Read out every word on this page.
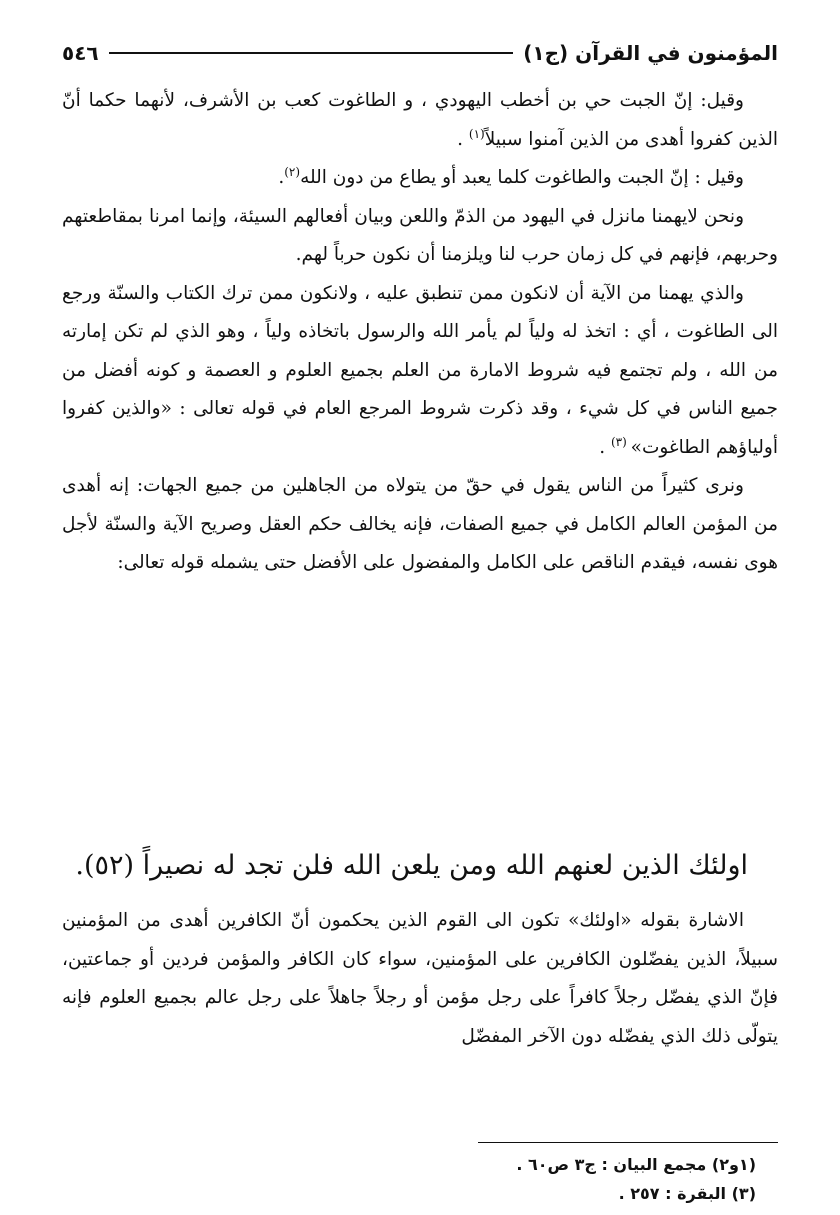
٥٤٦	المؤمنون في القرآن (ج١)

وقيل: إنّ الجبت حي بن أخطب اليهودي ، و الطاغوت كعب بن الأشرف، لأنهما حكما أنّ الذين كفروا أهدى من الذين آمنوا سبيلاً$^{(١)}$ .

وقيل : إنّ الجبت والطاغوت كلما يعبد أو يطاع من دون الله$^{(٢)}$.

ونحن لايهمنا مانزل في اليهود من الذمّ واللعن وبيان أفعالهم السيئة، وإنما امرنا بمقاطعتهم وحربهم، فإنهم في كل زمان حرب لنا ويلزمنا أن نكون حرباً لهم.

والذي يهمنا من الآية أن لانكون ممن تنطبق عليه ، ولانكون ممن ترك الكتاب والسنّة ورجع الى الطاغوت ، أي : اتخذ له ولياً لم يأمر الله والرسول باتخاذه ولياً ، وهو الذي لم تكن إمارته من الله ، ولم تجتمع فيه شروط الامارة من العلم بجميع العلوم و العصمة و كونه أفضل من جميع الناس في كل شيء ، وقد ذكرت شروط المرجع العام في قوله تعالى : «والذين كفروا أولياؤهم الطاغوت» $^{(٣)}$ .

ونرى كثيراً من الناس يقول في حقّ من يتولاه من الجاهلين من جميع الجهات: إنه أهدى من المؤمن العالم الكامل في جميع الصفات، فإنه يخالف حكم العقل وصريح الآية والسنّة لأجل هوى نفسه، فيقدم الناقص على الكامل والمفضول على الأفضل حتى يشمله قوله تعالى:

اولئك الذين لعنهم الله ومن يلعن الله فلن تجد له نصيراً (٥٢).

الاشارة بقوله «اولئك» تكون الى القوم الذين يحكمون أنّ الكافرين أهدى من المؤمنين سبيلاً، الذين يفضّلون الكافرين على المؤمنين، سواء كان الكافر والمؤمن فردين أو جماعتين، فإنّ الذي يفضّل رجلاً كافراً على رجل مؤمن أو رجلاً جاهلاً على رجل عالم بجميع العلوم فإنه يتولّى ذلك الذي يفضّله دون الآخر المفضّل

(١و٢) مجمع البيان : ج٣ ص٦٠ .

(٣) البقرة : ٢٥٧ .
